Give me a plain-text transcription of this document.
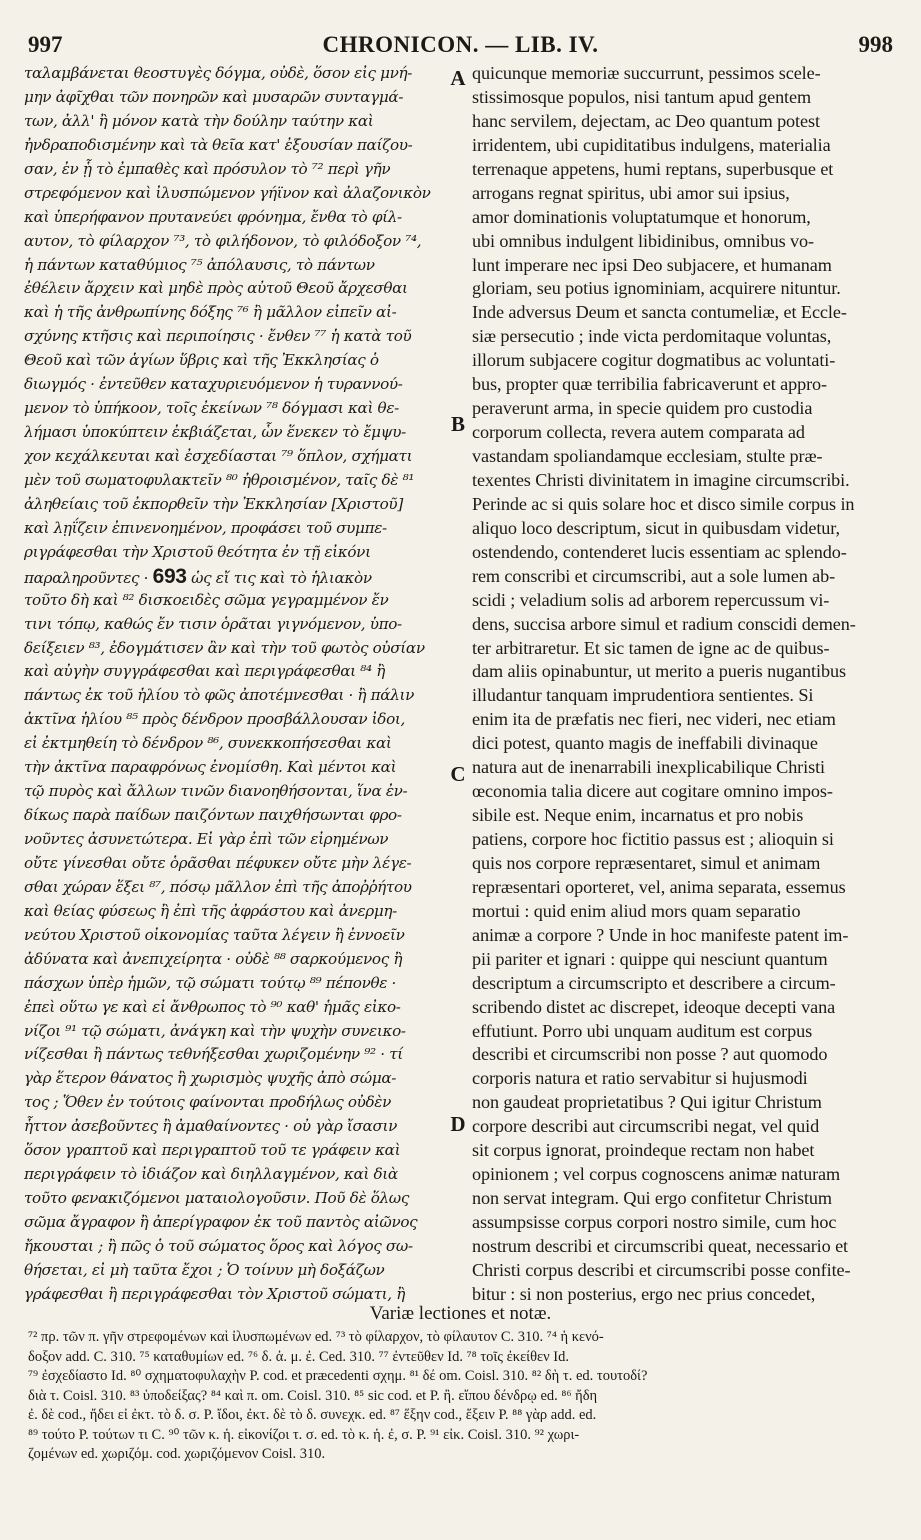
997	CHRONICON. — LIB. IV.	998
ταλαμβάνεται θεοστυγὲς δόγμα, οὐδὲ, ὅσον εἰς μνή-
μην ἀφῖχθαι τῶν πονηρῶν καὶ μυσαρῶν συνταγμά-
των, ἀλλ' ἢ μόνον κατὰ τὴν δούλην ταύτην καὶ
ἠνδραποδισμένην καὶ τὰ θεῖα κατ' ἐξουσίαν παίζου-
σαν, ἐν ᾗ τὸ ἐμπαθὲς καὶ πρόσυλον τὸ ⁷² περὶ γῆν
στρεφόμενον καὶ ἰλυσπώμενον γήϊνον καὶ ἀλαζονικὸν
καὶ ὑπερήφανον πρυτανεύει φρόνημα, ἔνθα τὸ φίλ-
αυτον, τὸ φίλαρχον ⁷³, τὸ φιλήδονον, τὸ φιλόδοξον ⁷⁴,
ἡ πάντων καταθύμιος ⁷⁵ ἀπόλαυσις, τὸ πάντων
ἐθέλειν ἄρχειν καὶ μηδὲ πρὸς αὐτοῦ Θεοῦ ἄρχεσθαι
καὶ ἡ τῆς ἀνθρωπίνης δόξης ⁷⁶ ἢ μᾶλλον εἰπεῖν αἰ-
σχύνης κτῆσις καὶ περιποίησις · ἔνθεν ⁷⁷ ἡ κατὰ τοῦ
Θεοῦ καὶ τῶν ἁγίων ὕβρις καὶ τῆς Ἐκκλησίας ὁ
διωγμός · ἐντεῦθεν καταχυριευόμενον ἡ τυραννού-
μενον τὸ ὑπήκοον, τοῖς ἐκείνων ⁷⁸ δόγμασι καὶ θε-
λήμασι ὑποκύπτειν ἐκβιάζεται, ὧν ἕνεκεν τὸ ἔμψυ-
χον κεχάλκευται καὶ ἐσχεδίασται ⁷⁹ ὅπλον, σχήματι
μὲν τοῦ σωματοφυλακτεῖν ⁸⁰ ἠθροισμένον, ταῖς δὲ ⁸¹
ἀληθείαις τοῦ ἐκπορθεῖν τὴν Ἐκκλησίαν [Χριστοῦ]
καὶ λῃΐζειν ἐπινενοημένον, προφάσει τοῦ συμπε-
ριγράφεσθαι τὴν Χριστοῦ θεότητα ἐν τῇ εἰκόνι
παραληροῦντες · 693 ὡς εἴ τις καὶ τὸ ἡλιακὸν
τοῦτο δὴ καὶ ⁸² δισκοειδὲς σῶμα γεγραμμένον ἔν
τινι τόπῳ, καθώς ἔν τισιν ὁρᾶται γιγνόμενον, ὑπο-
δείξειεν ⁸³, ἐδογμάτισεν ἂν καὶ τὴν τοῦ φωτὸς οὐσίαν
καὶ αὐγὴν συγγράφεσθαι καὶ περιγράφεσθαι ⁸⁴ ἢ
πάντως ἐκ τοῦ ἡλίου τὸ φῶς ἀποτέμνεσθαι · ἢ πάλιν
ἀκτῖνα ἡλίου ⁸⁵ πρὸς δένδρον προσβάλλουσαν ἰδοι,
εἰ ἐκτμηθείη τὸ δένδρον ⁸⁶, συνεκκοπήσεσθαι καὶ
τὴν ἀκτῖνα παραφρόνως ἐνομίσθη. Καὶ μέντοι καὶ
τῷ πυρὸς καὶ ἄλλων τινῶν διανοηθήσονται, ἵνα ἐν-
δίκως παρὰ παίδων παιζόντων παιχθήσωνται φρο-
νοῦντες ἀσυνετώτερα. Εἰ γὰρ ἐπὶ τῶν εἰρημένων
οὔτε γίνεσθαι οὔτε ὁρᾶσθαι πέφυκεν οὔτε μὴν λέγε-
σθαι χώραν ἕξει ⁸⁷, πόσῳ μᾶλλον ἐπὶ τῆς ἀποῤῥήτου
καὶ θείας φύσεως ἢ ἐπὶ τῆς ἀφράστου καὶ ἀνερμη-
νεύτου Χριστοῦ οἰκονομίας ταῦτα λέγειν ἢ ἐννοεῖν
ἀδύνατα καὶ ἀνεπιχείρητα · οὐδὲ ⁸⁸ σαρκούμενος ἢ
πάσχων ὑπὲρ ἡμῶν, τῷ σώματι τούτῳ ⁸⁹ πέπονθε ·
ἐπεὶ οὕτω γε καὶ εἰ ἄνθρωπος τὸ ⁹⁰ καθ' ἡμᾶς εἰκο-
νίζοι ⁹¹ τῷ σώματι, ἀνάγκη καὶ τὴν ψυχὴν συνεικο-
νίζεσθαι ἢ πάντως τεθνήξεσθαι χωριζομένην ⁹² · τί
γὰρ ἕτερον θάνατος ἢ χωρισμὸς ψυχῆς ἀπὸ σώμα-
τος ; Ὅθεν ἐν τούτοις φαίνονται προδήλως οὐδὲν
ἧττον ἀσεβοῦντες ἢ ἀμαθαίνοντες · οὐ γὰρ ἴσασιν
ὅσον γραπτοῦ καὶ περιγραπτοῦ τοῦ τε γράφειν καὶ
περιγράφειν τὸ ἰδιάζον καὶ διηλλαγμένον, καὶ διὰ
τοῦτο φενακιζόμενοι ματαιολογοῦσιν. Ποῦ δὲ ὅλως
σῶμα ἄγραφον ἢ ἀπερίγραφον ἐκ τοῦ παντὸς αἰῶνος
ἤκουσται ; ἢ πῶς ὁ τοῦ σώματος ὅρος καὶ λόγος σω-
θήσεται, εἰ μὴ ταῦτα ἔχοι ; Ὁ τοίνυν μὴ δοξάζων
γράφεσθαι ἢ περιγράφεσθαι τὸν Χριστοῦ σώματι, ἢ
quicunque memoriæ succurrunt, pessimos scele-
stissimosque populos, nisi tantum apud gentem
hanc servilem, dejectam, ac Deo quantum potest
irridentem, ubi cupiditatibus indulgens, materialia
terrenaque appetens, humi reptans, superbusque et
arrogans regnat spiritus, ubi amor sui ipsius,
amor dominationis voluptatumque et honorum,
ubi omnibus indulgent libidinibus, omnibus vo-
lunt imperare nec ipsi Deo subjacere, et humanam
gloriam, seu potius ignominiam, acquirere nituntur.
Inde adversus Deum et sancta contumeliæ, et Eccle-
siæ persecutio ; inde victa perdomitaque voluntas,
illorum subjacere cogitur dogmatibus ac voluntati-
bus, propter quæ terribilia fabricaverunt et appro-
peraverunt arma, in specie quidem pro custodia
corporum collecta, revera autem comparata ad
vastandam spoliandamque ecclesiam, stulte præ-
texentes Christi divinitatem in imagine circumscribi.
Perinde ac si quis solare hoc et disco simile corpus in
aliquo loco descriptum, sicut in quibusdam videtur,
ostendendo, contenderet lucis essentiam ac splendo-
rem conscribi et circumscribi, aut a sole lumen ab-
scidi ; veladium solis ad arborem repercussum vi-
dens, succisa arbore simul et radium conscidi demen-
ter arbitraretur. Et sic tamen de igne ac de quibus-
dam aliis opinabuntur, ut merito a pueris nugantibus
illudantur tanquam imprudentiora sentientes. Si
enim ita de præfatis nec fieri, nec videri, nec etiam
dici potest, quanto magis de ineffabili divinaque
natura aut de inenarrabili inexplicabilique Christi
œconomia talia dicere aut cogitare omnino impos-
sibile est. Neque enim, incarnatus et pro nobis
patiens, corpore hoc fictitio passus est ; alioquin si
quis nos corpore repræsentaret, simul et animam
repræsentari oporteret, vel, anima separata, essemus
mortui : quid enim aliud mors quam separatio
animæ a corpore ? Unde in hoc manifeste patent im-
pii pariter et ignari : quippe qui nesciunt quantum
descriptum a circumscripto et describere a circum-
scribendo distet ac discrepet, ideoque decepti vana
effutiunt. Porro ubi unquam auditum est corpus
describi et circumscribi non posse ? aut quomodo
corporis natura et ratio servabitur si hujusmodi
non gaudeat proprietatibus ? Qui igitur Christum
corpore describi aut circumscribi negat, vel quid
sit corpus ignorat, proindeque rectam non habet
opinionem ; vel corpus cognoscens animæ naturam
non servat integram. Qui ergo confitetur Christum
assumpsisse corpus corpori nostro simile, cum hoc
nostrum describi et circumscribi queat, necessario et
Christi corpus describi et circumscribi posse confite-
bitur : si non posterius, ergo nec prius concedet,
A
B
C
D
Variæ lectiones et notæ.
⁷² πρ. τῶν π. γῆν στρεφομένων καὶ ἰλυσπωμένων ed. ⁷³ τὸ φίλαρχον, τὸ φίλαυτον C. 310. ⁷⁴ ἡ κενό-
δοξον add. C. 310. ⁷⁵ καταθυμίων ed. ⁷⁶ δ. ἀ. μ. ἐ. Ced. 310. ⁷⁷ ἐντεῦθεν Id. ⁷⁸ τοῖς ἐκείθεν Id.
⁷⁹ ἐσχεδίαστο Id. ⁸⁰ σχηματοφυλαχὴν P. cod. et præcedenti σχημ. ⁸¹ δέ om. Coisl. 310. ⁸² δὴ τ. ed. τουτοδί?
διὰ τ. Coisl. 310. ⁸³ ὑποδείξας? ⁸⁴ καὶ π. om. Coisl. 310. ⁸⁵ sic cod. et P. ἢ. εἴπου δένδρῳ ed. ⁸⁶ ἤδη
ἐ. δὲ cod., ἤδει εἰ ἐκτ. τὸ δ. σ. P. ἴδοι, ἐκτ. δὲ τὸ δ. συνεχκ. ed. ⁸⁷ ἕξην cod., ἕξειν P. ⁸⁸ γὰρ add. ed.
⁸⁹ τούτο P. τούτων τι C. ⁹⁰ τῶν κ. ἡ. εἰκονίζοι τ. σ. ed. τὸ κ. ἡ. ἐ, σ. P. ⁹¹ εἰκ. Coisl. 310. ⁹² χωρι-
ζομένων ed. χωριζόμ. cod. χωριζόμενον Coisl. 310.
